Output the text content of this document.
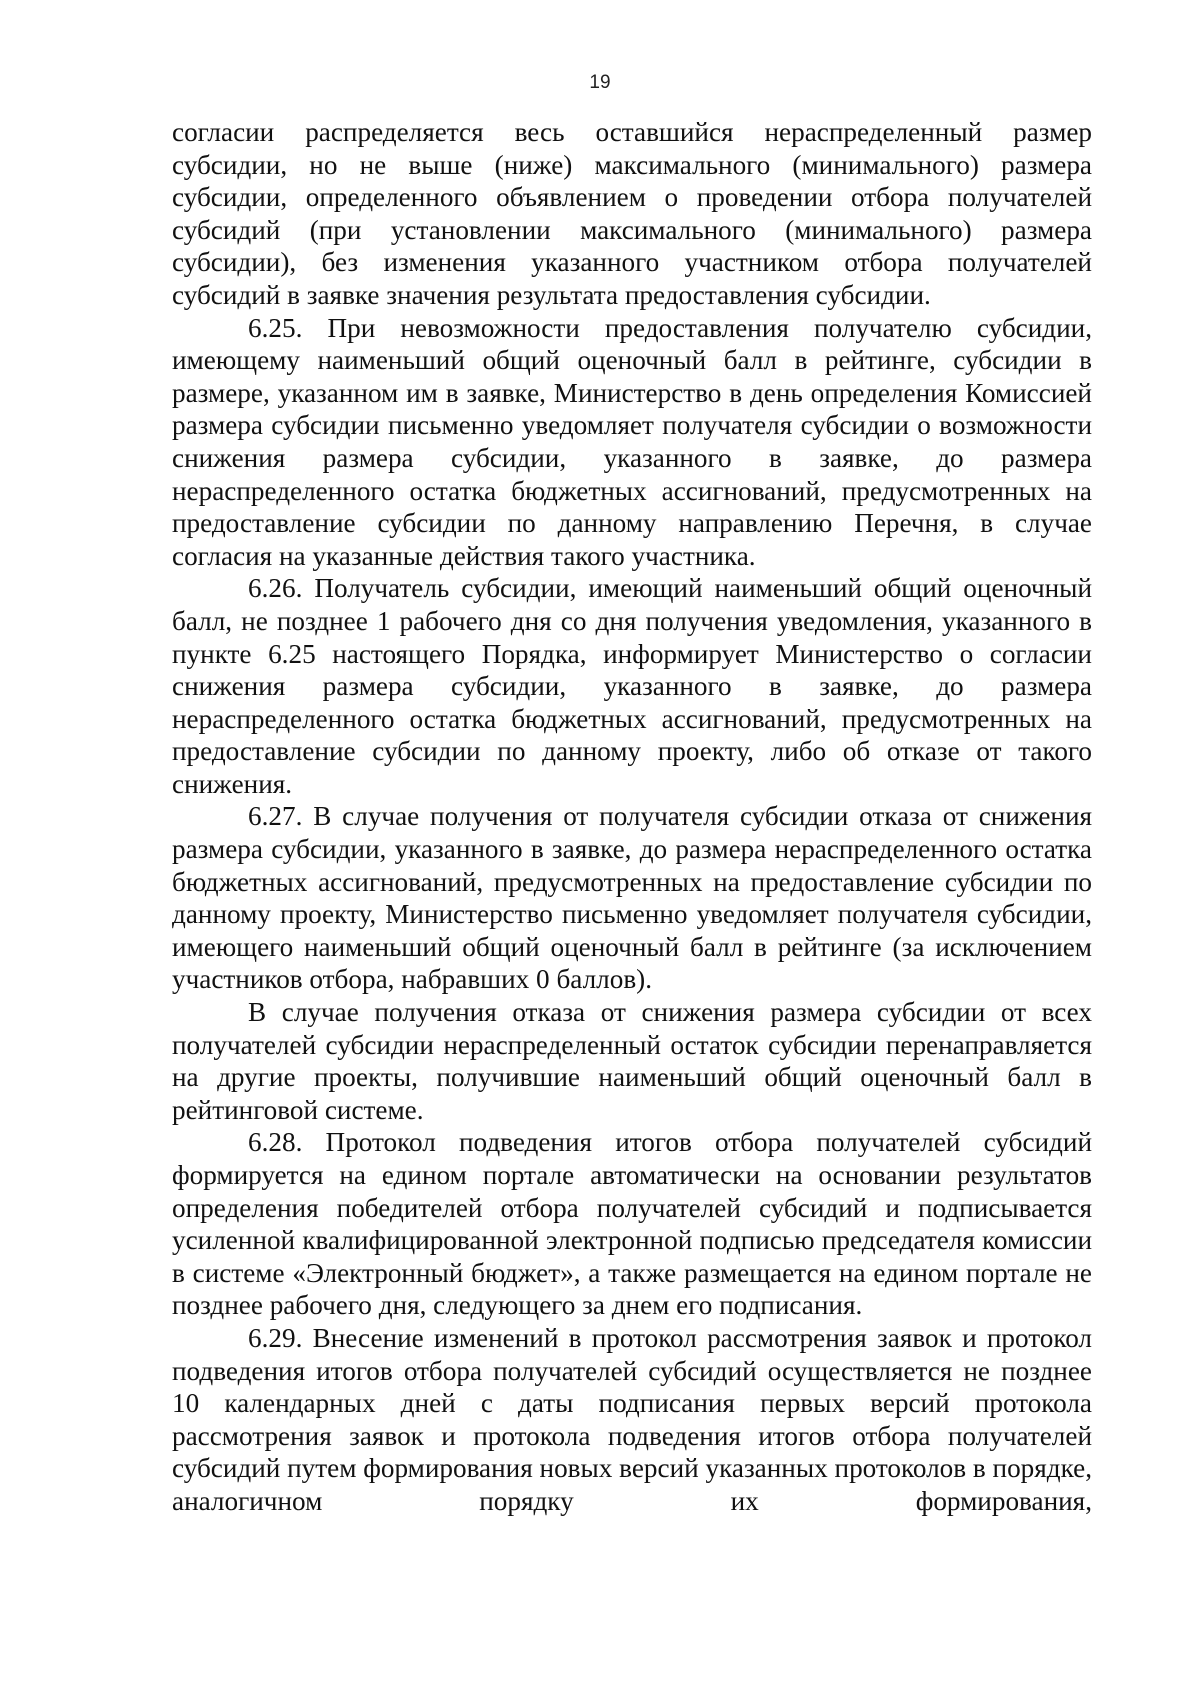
19

согласии распределяется весь оставшийся нераспределенный размер субсидии, но не выше (ниже) максимального (минимального) размера субсидии, определенного объявлением о проведении отбора получателей субсидий (при установлении максимального (минимального) размера субсидии), без изменения указанного участником отбора получателей субсидий в заявке значения результата предоставления субсидии.

6.25. При невозможности предоставления получателю субсидии, имеющему наименьший общий оценочный балл в рейтинге, субсидии в размере, указанном им в заявке, Министерство в день определения Комиссией размера субсидии письменно уведомляет получателя субсидии о возможности снижения размера субсидии, указанного в заявке, до размера нераспределенного остатка бюджетных ассигнований, предусмотренных на предоставление субсидии по данному направлению Перечня, в случае согласия на указанные действия такого участника.

6.26. Получатель субсидии, имеющий наименьший общий оценочный балл, не позднее 1 рабочего дня со дня получения уведомления, указанного в пункте 6.25 настоящего Порядка, информирует Министерство о согласии снижения размера субсидии, указанного в заявке, до размера нераспределенного остатка бюджетных ассигнований, предусмотренных на предоставление субсидии по данному проекту, либо об отказе от такого снижения.

6.27. В случае получения от получателя субсидии отказа от снижения размера субсидии, указанного в заявке, до размера нераспределенного остатка бюджетных ассигнований, предусмотренных на предоставление субсидии по данному проекту, Министерство письменно уведомляет получателя субсидии, имеющего наименьший общий оценочный балл в рейтинге (за исключением участников отбора, набравших 0 баллов).

В случае получения отказа от снижения размера субсидии от всех получателей субсидии нераспределенный остаток субсидии перенаправляется на другие проекты, получившие наименьший общий оценочный балл в рейтинговой системе.

6.28. Протокол подведения итогов отбора получателей субсидий формируется на едином портале автоматически на основании результатов определения победителей отбора получателей субсидий и подписывается усиленной квалифицированной электронной подписью председателя комиссии в системе «Электронный бюджет», а также размещается на едином портале не позднее рабочего дня, следующего за днем его подписания.

6.29. Внесение изменений в протокол рассмотрения заявок и протокол подведения итогов отбора получателей субсидий осуществляется не позднее 10 календарных дней с даты подписания первых версий протокола рассмотрения заявок и протокола подведения итогов отбора получателей субсидий путем формирования новых версий указанных протоколов в порядке, аналогичном порядку их формирования,
